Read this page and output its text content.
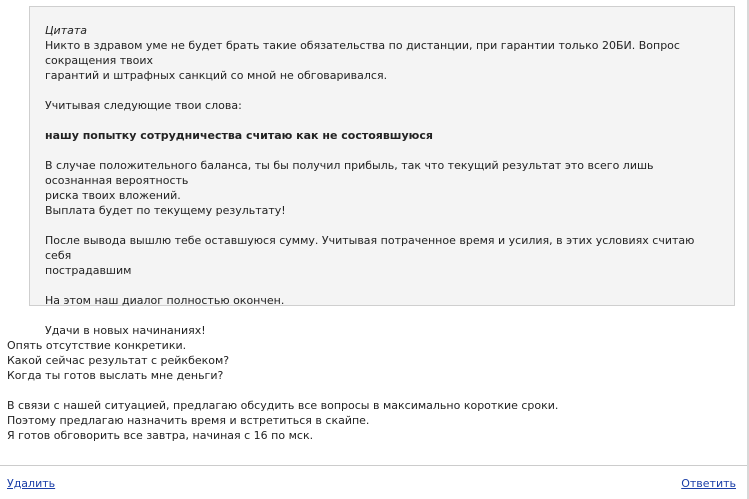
Цитата
Никто в здравом уме не будет брать такие обязательства по дистанции, при гарантии только 20БИ. Вопрос сокращения твоих
гарантий и штрафных санкций со мной не обговаривался.

Учитывая следующие твои слова:

нашу попытку сотрудничества считаю как не состоявшуюся

В случае положительного баланса, ты бы получил прибыль, так что текущий результат это всего лишь осознанная вероятность
риска твоих вложений.
Выплата будет по текущему результату!

После вывода вышлю тебе оставшуюся сумму. Учитывая потраченное время и усилия, в этих условиях считаю себя
пострадавшим

На этом наш диалог полностью окончен.

Удачи в новых начинаниях!

Опять отсутствие конкретики.
Какой сейчас результат с рейкбеком?
Когда ты готов выслать мне деньги?

В связи с нашей ситуацией, предлагаю обсудить все вопросы в максимально короткие сроки.
Поэтому предлагаю назначить время и встретиться в скайпе.
Я готов обговорить все завтра, начиная с 16 по мск.

Удалить	Ответить
